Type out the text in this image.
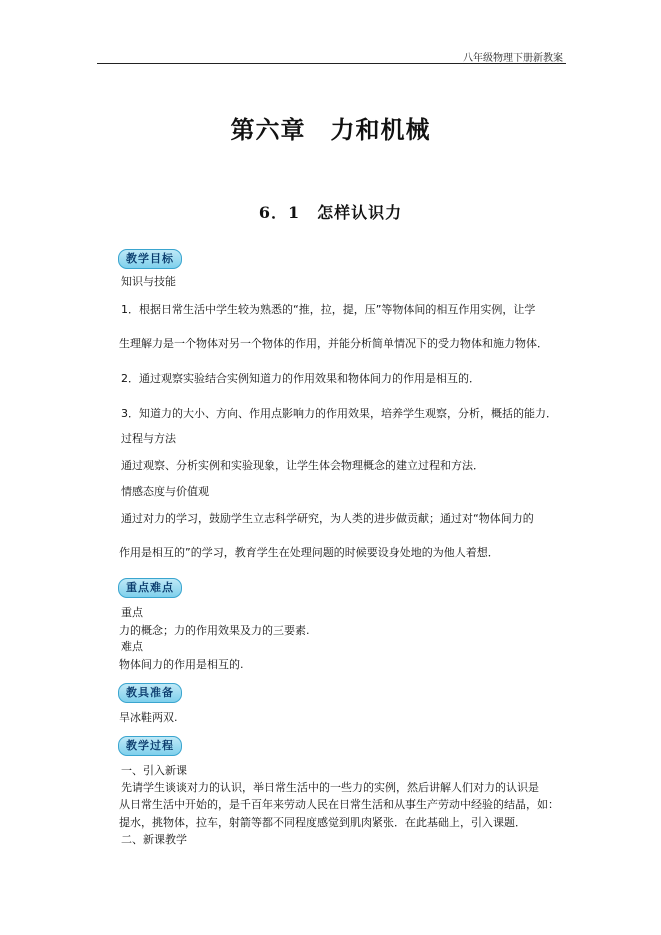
八年级物理下册新教案
第六章　力和机械
6．1　怎样认识力
教学目标
知识与技能
1．根据日常生活中学生较为熟悉的“推，拉，提，压”等物体间的相互作用实例，让学
生理解力是一个物体对另一个物体的作用，并能分析简单情况下的受力物体和施力物体．
2．通过观察实验结合实例知道力的作用效果和物体间力的作用是相互的．
3．知道力的大小、方向、作用点影响力的作用效果，培养学生观察，分析，概括的能力．
过程与方法
通过观察、分析实例和实验现象，让学生体会物理概念的建立过程和方法．
情感态度与价值观
通过对力的学习，鼓励学生立志科学研究，为人类的进步做贡献；通过对“物体间力的
作用是相互的”的学习，教育学生在处理问题的时候要设身处地的为他人着想．
重点难点
重点
力的概念；力的作用效果及力的三要素.
难点
物体间力的作用是相互的.
教具准备
旱冰鞋两双.
教学过程
一、引入新课
先请学生谈谈对力的认识，举日常生活中的一些力的实例，然后讲解人们对力的认识是
从日常生活中开始的，是千百年来劳动人民在日常生活和从事生产劳动中经验的结晶，如：
提水，挑物体，拉车，射箭等都不同程度感觉到肌肉紧张．在此基础上，引入课题．
二、新课教学
